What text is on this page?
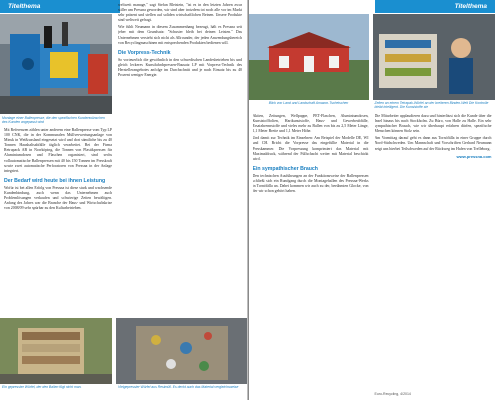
Titelthema
Montage einer Ballenpresse, die den spezifischen Kundenwünschen des Kunden angepasst wird

Mit Referenzen zählen unter anderem eine Ballenpresse vom Typ LP 100 CNK, die in der Kommunalen Müllverwertungsanlage von Minsk in Weißrussland eingesetzt wird und dort sämtliche bis zu 40 Tonnen Haushaltsabfälle täglich verarbeitet. Bei der Firma Retrupack AB in Norrköping, die Tonnen von Plastikpressen für Aluminiumdosen und Flaschen organisiert, sind sechs vollautomatische Ballenpressen mit 40 bis 150 Tonnen im Presskraft sowie zwei automatische Perforatoren von Pressna in der Anlage integriert.

Der Bedarf wird heute bei ihnen Leistung

Wofür ist bei allen Erfolg von Pressna ist diese stark und wachsende Kundenbindung, auch wenn das Unternehmen auch Problemlösungen verkaufen und schwierige Zeiten bewältigen. Anfang des Jahres war die Branche der Haus- und Wirtschaftskrise von 2008/09 sehr spürbar zu den Kulturbetrieben.

weltweit manage," sagt Stefan Bleistein, "ist es in den letzten Jahren zwar stiller um Pressna geworden, wir sind aber trotzdem tot noch alle vor im Markt sehr präsent und stellen auf soliden wirtschaftlichen Beinen. Unsere Produkte sind weltweit gefragt.

Wie fühlt Neumann in diesem Zusammenhang bezeugt, hält es Pressna seit jeher mit dem Grundsatz: "Schuster bleib bei deinen Leisten." Das Unternehmen versteht sich nicht als Allrounder, der jeden Anwendungsbereich von Recyclingmaschinen mit entsprechenden Produkten bedienen will.

Die Vorpress-Technik

So vorteuerlich die gewöhnlich in den schwedischen Landesbetrieben bis und gleich leckeres Kunstfahrdrpressen-Bausatz LP mit Vorpress-Technik des Herstellerangebotes anfolge im Durchschnitt und je nach Einsatz bis zu 40 Prozent weniger Energie.

Ein gepresster Würfel, der den Ballen fügt nicht man.	Vielgepresster Würfel aus Restmüll. Es deckt auch das Material vergleichsweise
Titelthema
Blick von Land und Landschaft Amazon-Tschetschen	Zeiten an einem Tetrapak-Würfel an der breiteren Binden-Welt Die Kontrolle bleibt intelligent. Die Kunststoffe sie

Aktien, Zeitungen, Wellpappe, PET-Flaschen, Aluminiumdosen, Kunststofffolien, Hartkunststoffe, Haus- und Gewerbeabfälle, Ersatzbrennstoffe und vieles mehr zu Ballen von bis zu 2,5 Meter Länge, 1,1 Meter Breite und 1,1 Meter Höhe.

Und damit zur Technik im Einzelnen: Am Beispiel der Modelle DE, WI und CH. Bricht die Vorpresse das eingefüllte Material in die Presskammer. Die Vorpressung komprimiert das Material mit Maximaldruck, während der Füllschacht weiter mit Material beschickt wird.

Ein sympathischer Brauch

Den technischen Ausführungen an der Funktionsweise der Ballenpressen schließt sich ein Rundgang durch die Montagehallen des Pressna-Werks in Tornöfälla an. Dabei kommen wir auch zu der, berühmten Glocke, von der wir schon gehört haben.

Die Mitarbeiter applaudieren dazu und hinterlässt sich die Kunde über die Insel hinaus bis nach Stockholm. Zu Büro, von Halle zu Halle. Ein sehr sympathischer Brauch, wie wir überhaupt erfahren dürfen, spezifische Menschen können Stolz sein.

Am Vormittag darauf geht es dann aus Tornöfälla in einer Gruppe durch Nord-Südschweden. Um Mannschaft und Vorschriften Gerhard Neumann zeigt uns hierbei Teilschweden auf der Rückweg im Hafen von Trelleborg.

www.pressna.com
Euro-Recycling, 4/2014
